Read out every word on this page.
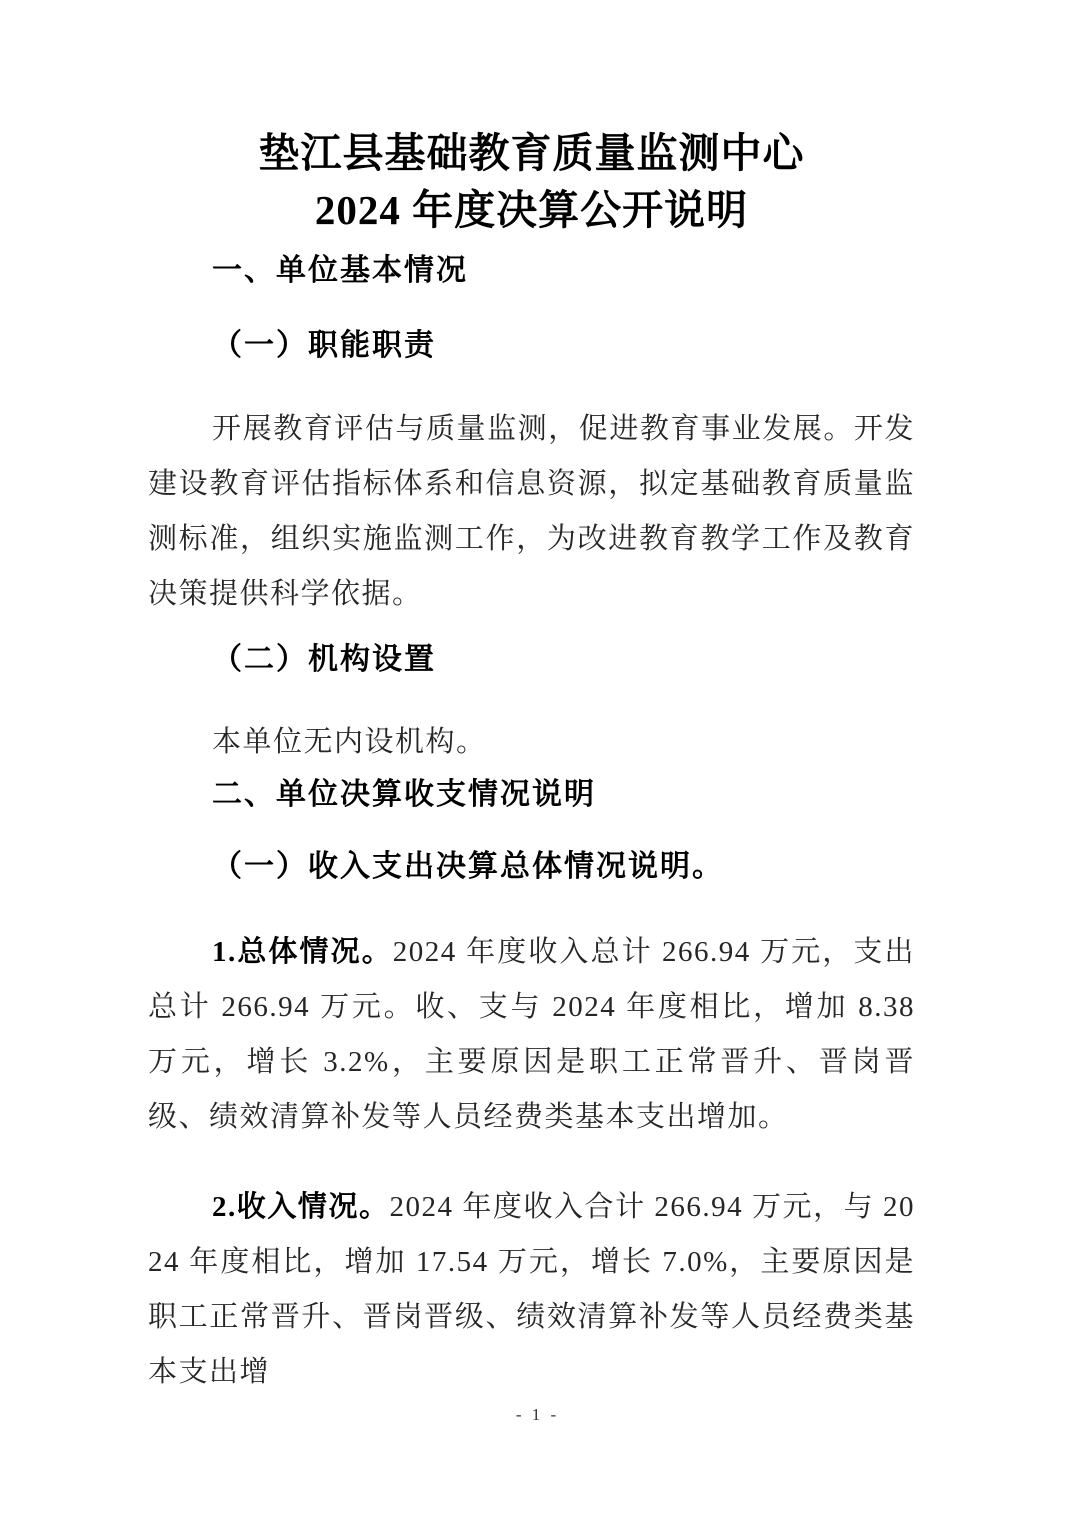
垫江县基础教育质量监测中心
2024 年度决算公开说明
一、单位基本情况
（一）职能职责
开展教育评估与质量监测，促进教育事业发展。开发建设教育评估指标体系和信息资源，拟定基础教育质量监测标准，组织实施监测工作，为改进教育教学工作及教育决策提供科学依据。
（二）机构设置
本单位无内设机构。
二、单位决算收支情况说明
（一）收入支出决算总体情况说明。
1.总体情况。2024 年度收入总计 266.94 万元，支出总计 266.94 万元。收、支与 2024 年度相比，增加 8.38 万元，增长 3.2%，主要原因是职工正常晋升、晋岗晋级、绩效清算补发等人员经费类基本支出增加。
2.收入情况。2024 年度收入合计 266.94 万元，与 2024 年度相比，增加 17.54 万元，增长 7.0%，主要原因是职工正常晋升、晋岗晋级、绩效清算补发等人员经费类基本支出增
- 1 -
